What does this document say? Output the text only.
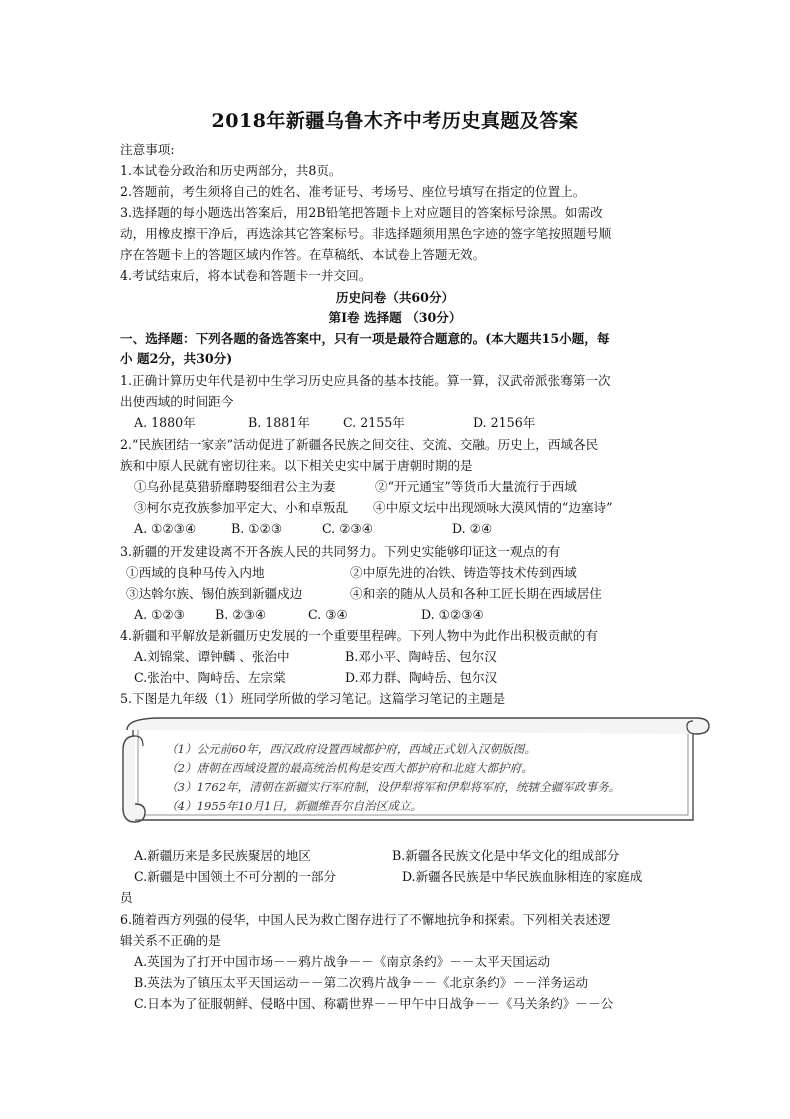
2018年新疆乌鲁木齐中考历史真题及答案
注意事项:
1.本试卷分政治和历史两部分，共8页。
2.答题前，考生须将自己的姓名、准考证号、考场号、座位号填写在指定的位置上。
3.选择题的每小题选出答案后，用2B铅笔把答题卡上对应题目的答案标号涂黑。如需改
动，用橡皮擦干净后，再选涂其它答案标号。非选择题须用黑色字迹的签字笔按照题号顺
序在答题卡上的答题区域内作答。在草稿纸、本试卷上答题无效。
4.考试结束后，将本试卷和答题卡一并交回。
历史问卷（共60分）
第Ⅰ卷 选择题 （30分）
一、选择题：下列各题的备选答案中，只有一项是最符合题意的。(本大题共15小题，每
小 题2分，共30分)
1.正确计算历史年代是初中生学习历史应具备的基本技能。算一算，汉武帝派张骞第一次
出使西域的时间距今
A. 1880年	B. 1881年	C. 2155年	D. 2156年
2.“民族团结一家亲”活动促进了新疆各民族之间交往、交流、交融。历史上，西域各民
族和中原人民就有密切往来。以下相关史实中属于唐朝时期的是
①乌孙昆莫猎骄靡聘娶细君公主为妻	②“开元通宝”等货币大量流行于西域
③柯尔克孜族参加平定大、小和卓叛乱 ④中原文坛中出现颂咏大漠风情的“边塞诗”
A. ①②③④	B. ①②③	C. ②③④	D. ②④
3.新疆的开发建设离不开各族人民的共同努力。下列史实能够印证这一观点的有
①西域的良种马传入内地	②中原先进的冶铁、铸造等技术传到西域
③达斡尔族、锡伯族到新疆戍边	④和亲的随从人员和各种工匠长期在西域居住
A. ①②③ B. ②③④	C. ③④	D. ①②③④
4.新疆和平解放是新疆历史发展的一个重要里程碑。下列人物中为此作出积极贡献的有
A.刘锦棠、谭钟麟 、张治中	B.邓小平、陶峙岳、包尔汉
C.张治中、陶峙岳、左宗棠	D.邓力群、陶峙岳、包尔汉
5.下图是九年级（1）班同学所做的学习笔记。这篇学习笔记的主题是
（1）公元前60年，西汉政府设置西域都护府，西域正式划入汉朝版图。
（2）唐朝在西域设置的最高统治机构是安西大都护府和北庭大都护府。
（3）1762年，清朝在新疆实行军府制，设伊犁将军和伊犁将军府，统辖全疆军政事务。
（4）1955年10月1日，新疆维吾尔自治区成立。
A.新疆历来是多民族聚居的地区	B.新疆各民族文化是中华文化的组成部分
C.新疆是中国领土不可分割的一部分	D.新疆各民族是中华民族血脉相连的家庭成
员
6.随着西方列强的侵华，中国人民为救亡图存进行了不懈地抗争和探索。下列相关表述逻
辑关系不正确的是
A.英国为了打开中国市场－－鸦片战争－－《南京条约》－－太平天国运动
B.英法为了镇压太平天国运动－－第二次鸦片战争－－《北京条约》－－洋务运动
C.日本为了征服朝鲜、侵略中国、称霸世界－－甲午中日战争－－《马关条约》－－公
